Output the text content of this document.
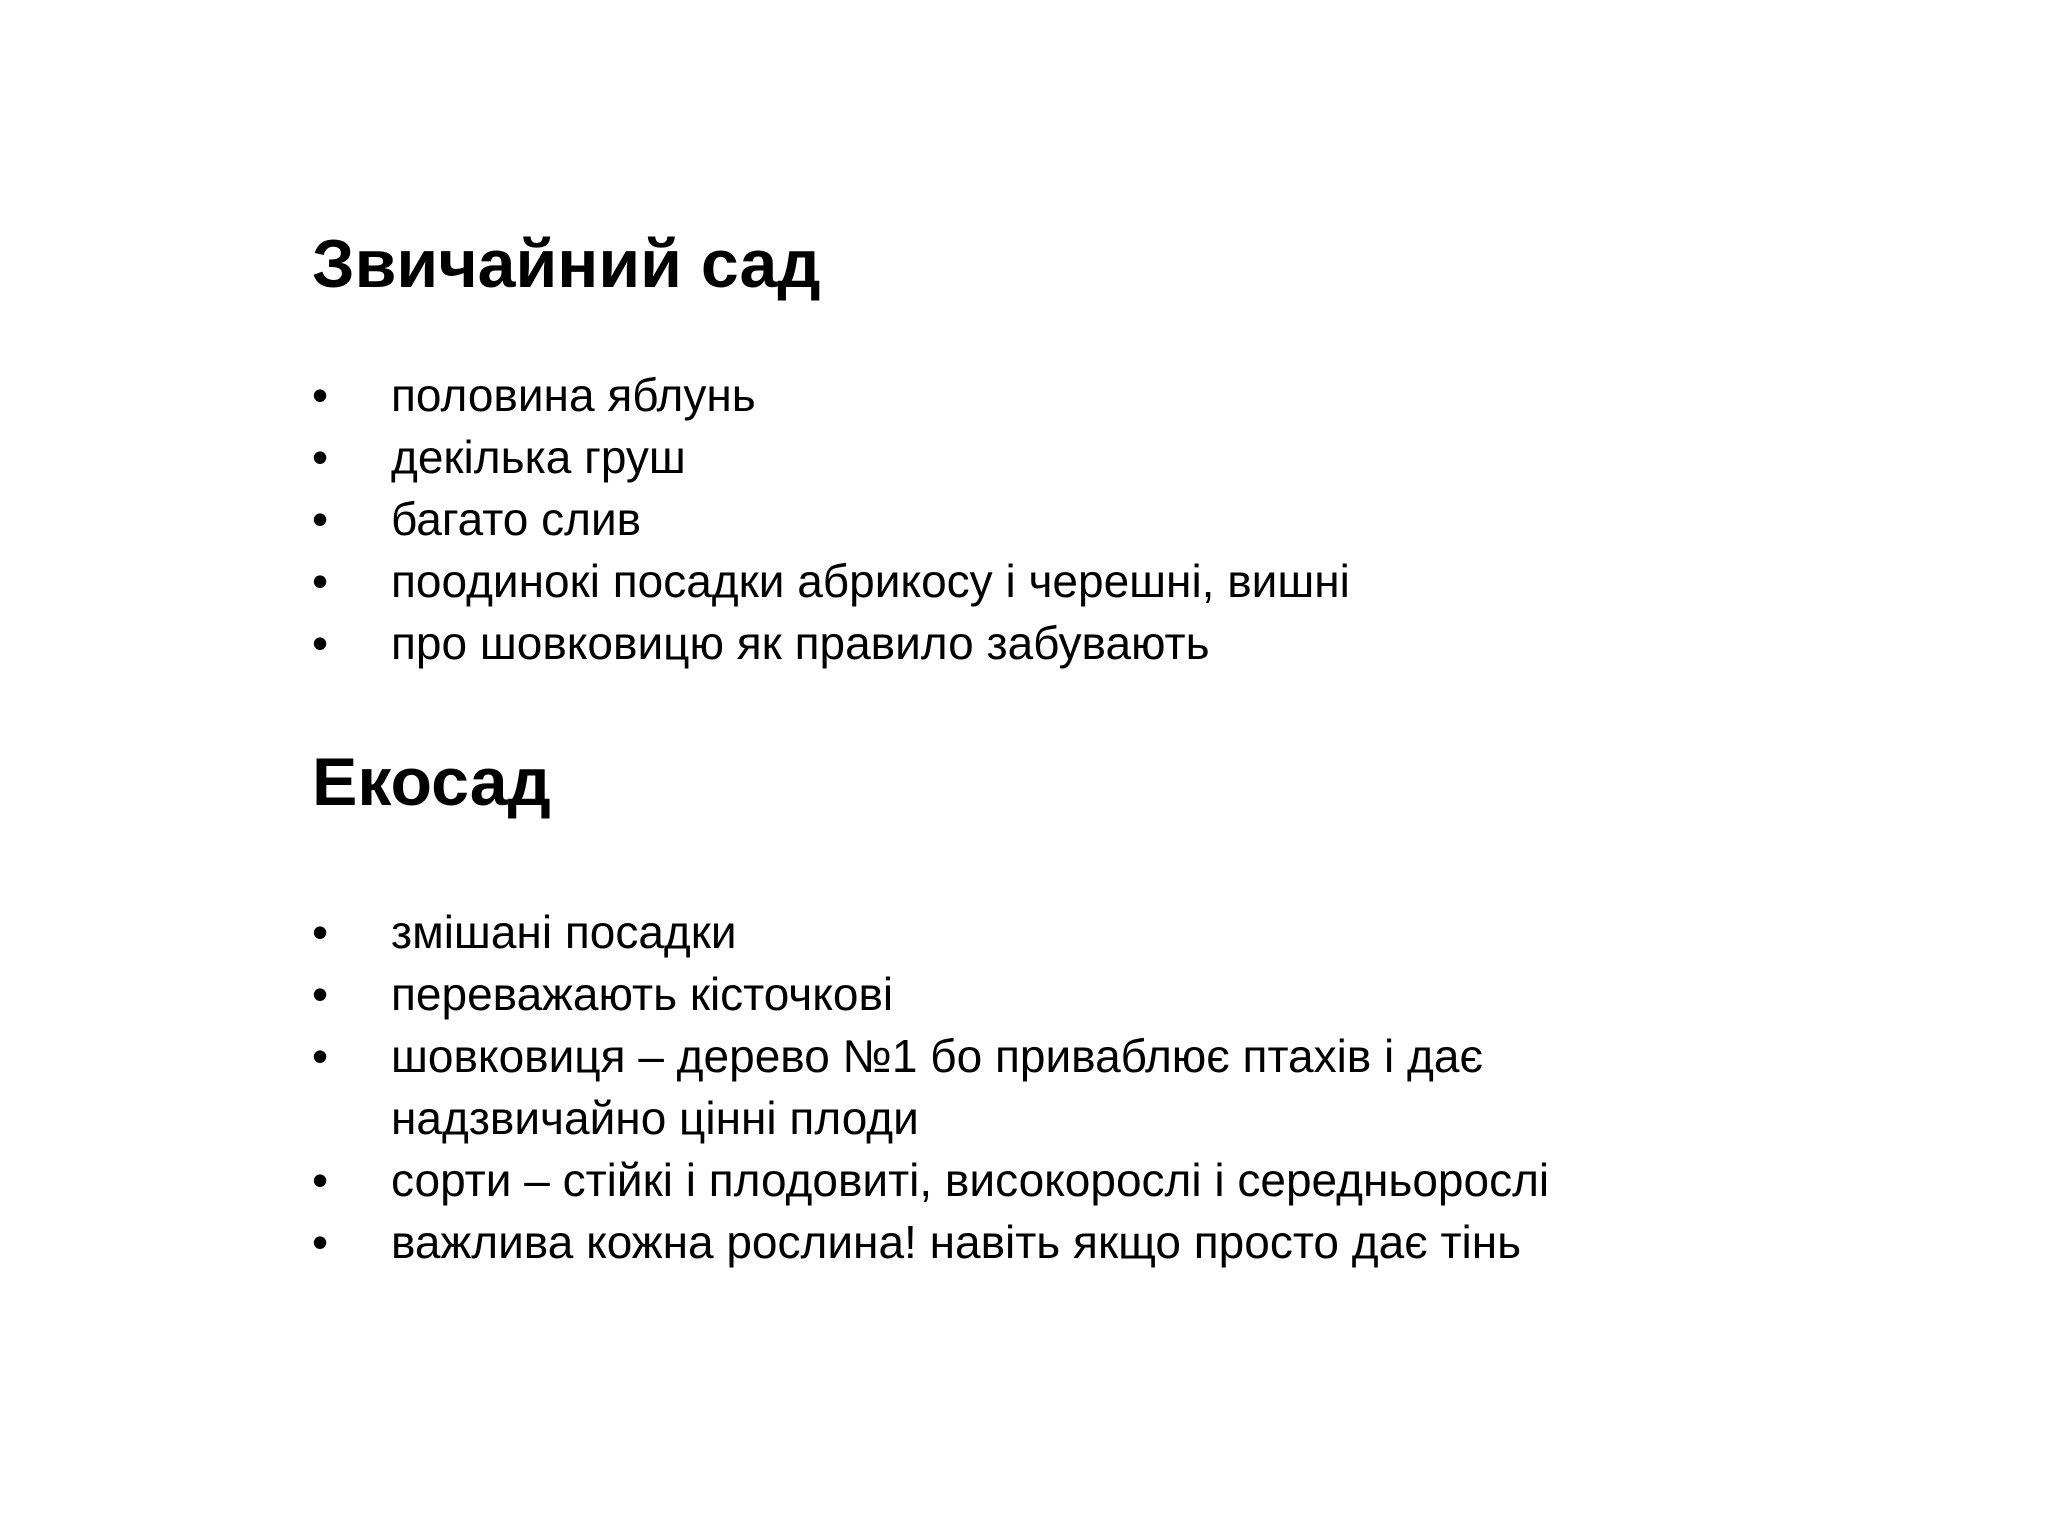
Звичайний сад
•	половина яблунь
•	декілька груш
•	багато слив
•	поодинокі посадки абрикосу і черешні, вишні
•	про шовковицю як правило забувають
Екосад
•	змішані посадки
•	переважають кісточкові
•	шовковиця – дерево №1 бо приваблює птахів і дає надзвичайно цінні плоди
•	сорти – стійкі і плодовиті, високорослі і середньорослі
•	важлива кожна рослина! навіть якщо просто дає тінь
